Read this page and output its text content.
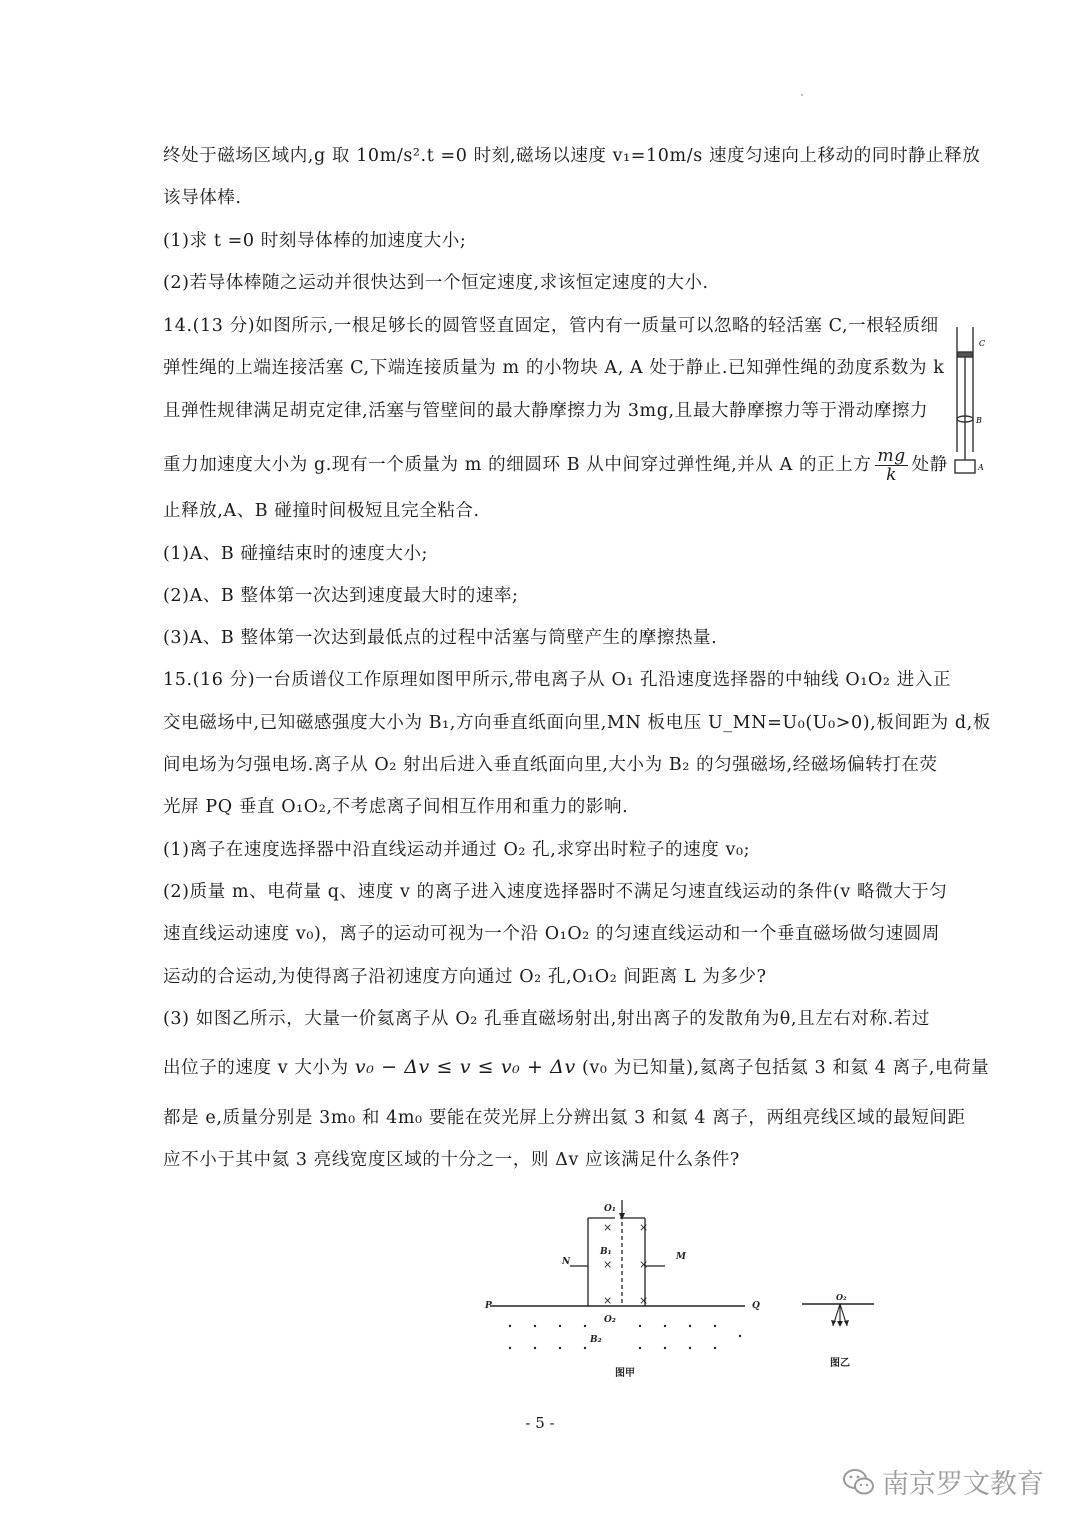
终处于磁场区域内,g 取 10m/s².t =0 时刻,磁场以速度 v₁=10m/s 速度匀速向上移动的同时静止释放
该导体棒.
(1)求 t =0 时刻导体棒的加速度大小;
(2)若导体棒随之运动并很快达到一个恒定速度,求该恒定速度的大小.
14.(13 分)如图所示,一根足够长的圆管竖直固定，管内有一质量可以忽略的轻活塞 C,一根轻质细
弹性绳的上端连接活塞 C,下端连接质量为 m 的小物块 A, A 处于静止.已知弹性绳的劲度系数为 k
且弹性规律满足胡克定律,活塞与管壁间的最大静摩擦力为 3mg,且最大静摩擦力等于滑动摩擦力
重力加速度大小为 g.现有一个质量为 m 的细圆环 B 从中间穿过弹性绳,并从 A 的正上方 $\frac{mg}{k}$ 处静
止释放,A、B 碰撞时间极短且完全粘合.
(1)A、B 碰撞结束时的速度大小;
(2)A、B 整体第一次达到速度最大时的速率;
(3)A、B 整体第一次达到最低点的过程中活塞与筒壁产生的摩擦热量.
15.(16 分)一台质谱仪工作原理如图甲所示,带电离子从 O₁ 孔沿速度选择器的中轴线 O₁O₂ 进入正
交电磁场中,已知磁感强度大小为 B₁,方向垂直纸面向里,MN 板电压 U_MN=U₀(U₀>0),板间距为 d,板
间电场为匀强电场.离子从 O₂ 射出后进入垂直纸面向里,大小为 B₂ 的匀强磁场,经磁场偏转打在荧
光屏 PQ 垂直 O₁O₂,不考虑离子间相互作用和重力的影响.
(1)离子在速度选择器中沿直线运动并通过 O₂ 孔,求穿出时粒子的速度 v₀;
(2)质量 m、电荷量 q、速度 v 的离子进入速度选择器时不满足匀速直线运动的条件(v 略微大于匀
速直线运动速度 v₀)，离子的运动可视为一个沿 O₁O₂ 的匀速直线运动和一个垂直磁场做匀速圆周
运动的合运动,为使得离子沿初速度方向通过 O₂ 孔,O₁O₂ 间距离 L 为多少?
(3) 如图乙所示，大量一价氦离子从 O₂ 孔垂直磁场射出,射出离子的发散角为θ,且左右对称.若过
出位子的速度 v 大小为 v₀ − Δv ≤ v ≤ v₀ + Δv (v₀ 为已知量),氦离子包括氦 3 和氦 4 离子,电荷量
都是 e,质量分别是 3m₀ 和 4m₀ 要能在荧光屏上分辨出氦 3 和氦 4 离子，两组亮线区域的最短间距
应不小于其中氦 3 亮线宽度区域的十分之一，则 Δv 应该满足什么条件?
C
B
A
× ×
× ×
× ×
O₁
B₁
N	M
P	Q
O₂
B₂
图甲
O₂
图乙
- 5 -
南京罗文教育
